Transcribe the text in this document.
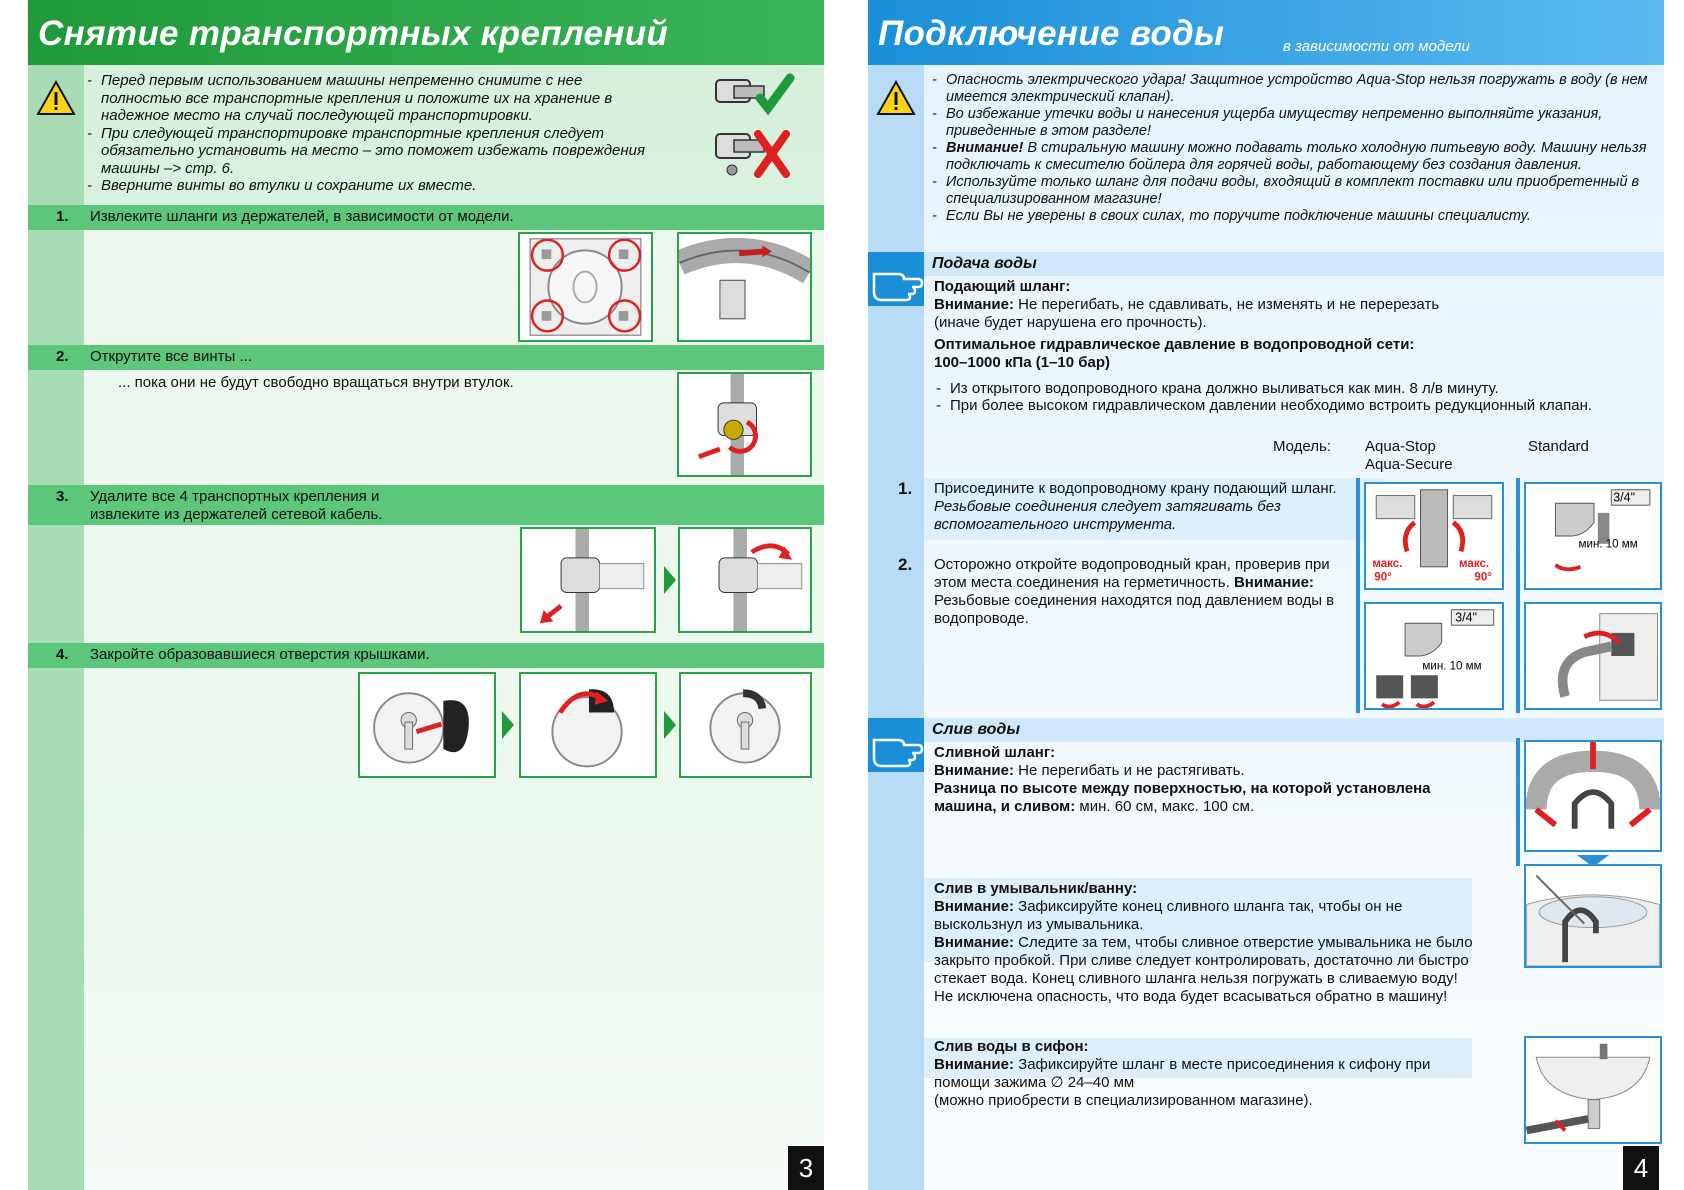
Снятие транспортных креплений
- Перед первым использованием машины непременно снимите с нее полностью все транспортные крепления и положите их на хранение в надежное место на случай последующей транспортировки.
- При следующей транспортировке транспортные крепления следует обязательно установить на место – это поможет избежать повреждения машины –> стр. 6.
- Вверните винты во втулки и сохраните их вместе.
1.	Извлеките шланги из держателей, в зависимости от модели.
2.	Открутите все винты ...
... пока они не будут свободно вращаться внутри втулок.
3.	Удалите все 4 транспортных крепления и
извлеките из держателей сетевой кабель.
4.	Закройте образовавшиеся отверстия крышками.
3
Подключение воды	в зависимости от модели
- Опасность электрического удара! Защитное устройство Aqua-Stop нельзя погружать в воду (в нем имеется электрический клапан).
- Во избежание утечки воды и нанесения ущерба имуществу непременно выполняйте указания, приведенные в этом разделе!
- Внимание! В стиральную машину можно подавать только холодную питьевую воду. Машину нельзя подключать к смесителю бойлера для горячей воды, работающему без создания давления.
- Используйте только шланг для подачи воды, входящий в комплект поставки или приобретенный в специализированном магазине!
- Если Вы не уверены в своих силах, то поручите подключение машины специалисту.
Подача воды
Подающий шланг:
Внимание: Не перегибать, не сдавливать, не изменять и не перерезать
(иначе будет нарушена его прочность).
Оптимальное гидравлическое давление в водопроводной сети:
100–1000 кПа (1–10 бар)
- Из открытого водопроводного крана должно выливаться как мин. 8 л/в минуту.
- При более высоком гидравлическом давлении необходимо встроить редукционный клапан.
Модель: Aqua-Stop
Aqua-Secure
Standard
1. Присоедините к водопроводному крану подающий шланг. Резьбовые соединения следует затягивать без вспомогательного инструмента.
2. Осторожно откройте водопроводный кран, проверив при этом места соединения на герметичность. Внимание: Резьбовые соединения находятся под давлением воды в водопроводе.
макс.
90°
макс.
90°
3/4"
мин. 10 мм
3/4"
мин. 10 мм
Слив воды
Сливной шланг:
Внимание: Не перегибать и не растягивать.
Разница по высоте между поверхностью, на которой установлена машина, и сливом: мин. 60 см, макс. 100 см.
Слив в умывальник/ванну:
Внимание: Зафиксируйте конец сливного шланга так, чтобы он не выскользнул из умывальника.
Внимание: Следите за тем, чтобы сливное отверстие умывальника не было закрыто пробкой. При сливе следует контролировать, достаточно ли быстро стекает вода. Конец сливного шланга нельзя погружать в сливаемую воду! Не исключена опасность, что вода будет всасываться обратно в машину!
Слив воды в сифон:
Внимание: Зафиксируйте шланг в месте присоединения к сифону при помощи зажима ∅ 24–40 мм
(можно приобрести в специализированном магазине).
4
